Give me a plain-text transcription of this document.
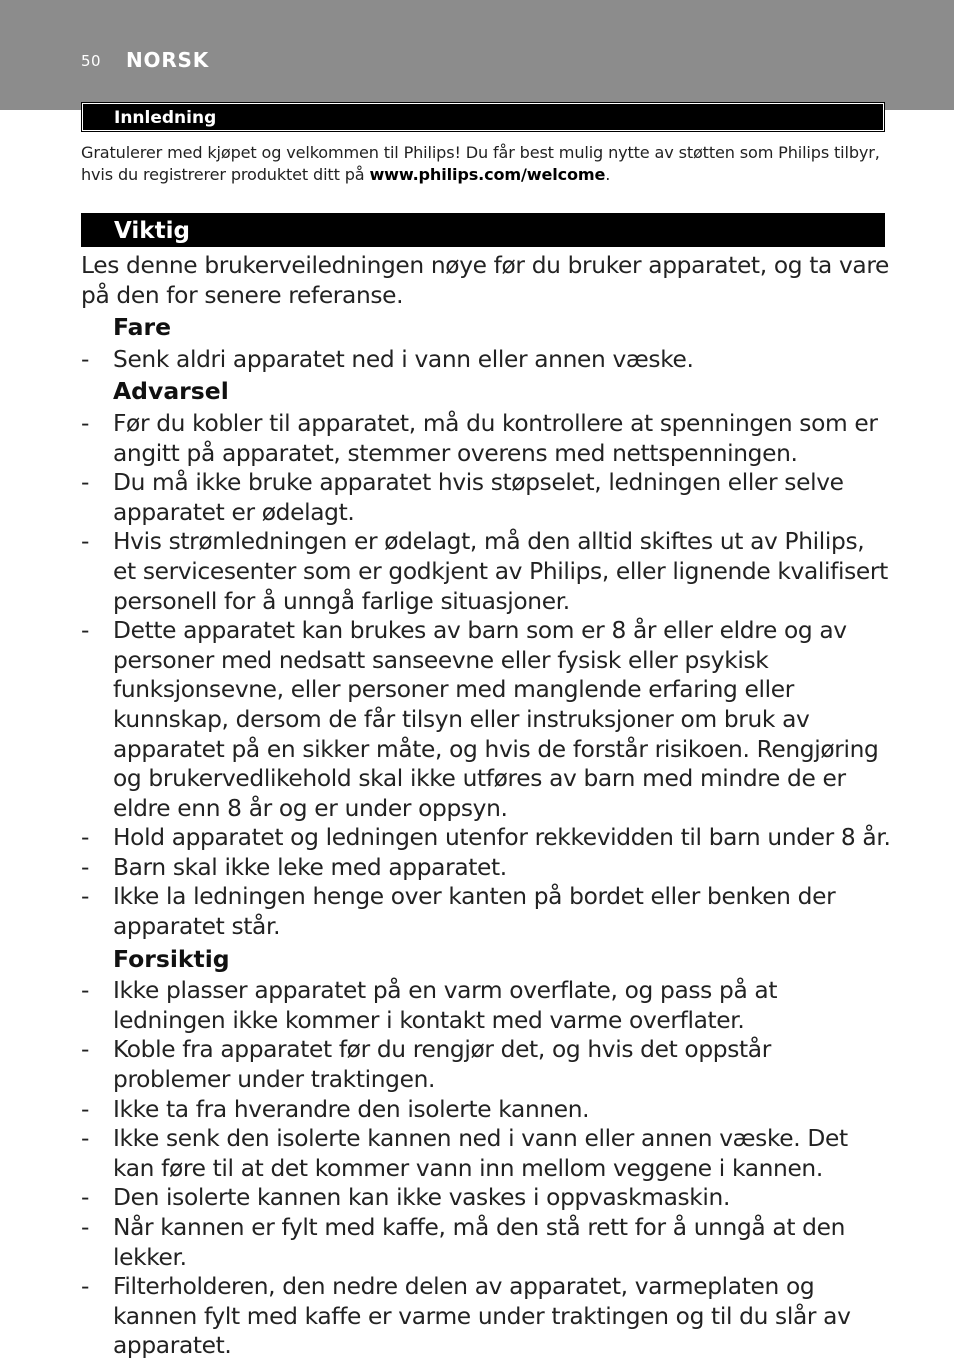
50 NORSK
Innledning

Gratulerer med kjøpet og velkommen til Philips! Du får best mulig nytte av støtten som Philips tilbyr, hvis du registrerer produktet ditt på www.philips.com/welcome.

Viktig

Les denne brukerveiledningen nøye før du bruker apparatet, og ta vare på den for senere referanse.

Fare
- Senk aldri apparatet ned i vann eller annen væske.
Advarsel
- Før du kobler til apparatet, må du kontrollere at spenningen som er angitt på apparatet, stemmer overens med nettspenningen.
- Du må ikke bruke apparatet hvis støpselet, ledningen eller selve apparatet er ødelagt.
- Hvis strømledningen er ødelagt, må den alltid skiftes ut av Philips, et servicesenter som er godkjent av Philips, eller lignende kvalifisert personell for å unngå farlige situasjoner.
- Dette apparatet kan brukes av barn som er 8 år eller eldre og av personer med nedsatt sanseevne eller fysisk eller psykisk funksjonsevne, eller personer med manglende erfaring eller kunnskap, dersom de får tilsyn eller instruksjoner om bruk av apparatet på en sikker måte, og hvis de forstår risikoen. Rengjøring og brukervedlikehold skal ikke utføres av barn med mindre de er eldre enn 8 år og er under oppsyn.
- Hold apparatet og ledningen utenfor rekkevidden til barn under 8 år.
- Barn skal ikke leke med apparatet.
- Ikke la ledningen henge over kanten på bordet eller benken der apparatet står.
Forsiktig
- Ikke plasser apparatet på en varm overflate, og pass på at ledningen ikke kommer i kontakt med varme overflater.
- Koble fra apparatet før du rengjør det, og hvis det oppstår problemer under traktingen.
- Ikke ta fra hverandre den isolerte kannen.
- Ikke senk den isolerte kannen ned i vann eller annen væske. Det kan føre til at det kommer vann inn mellom veggene i kannen.
- Den isolerte kannen kan ikke vaskes i oppvaskmaskin.
- Når kannen er fylt med kaffe, må den stå rett for å unngå at den lekker.
- Filterholderen, den nedre delen av apparatet, varmeplaten og kannen fylt med kaffe er varme under traktingen og til du slår av apparatet.
